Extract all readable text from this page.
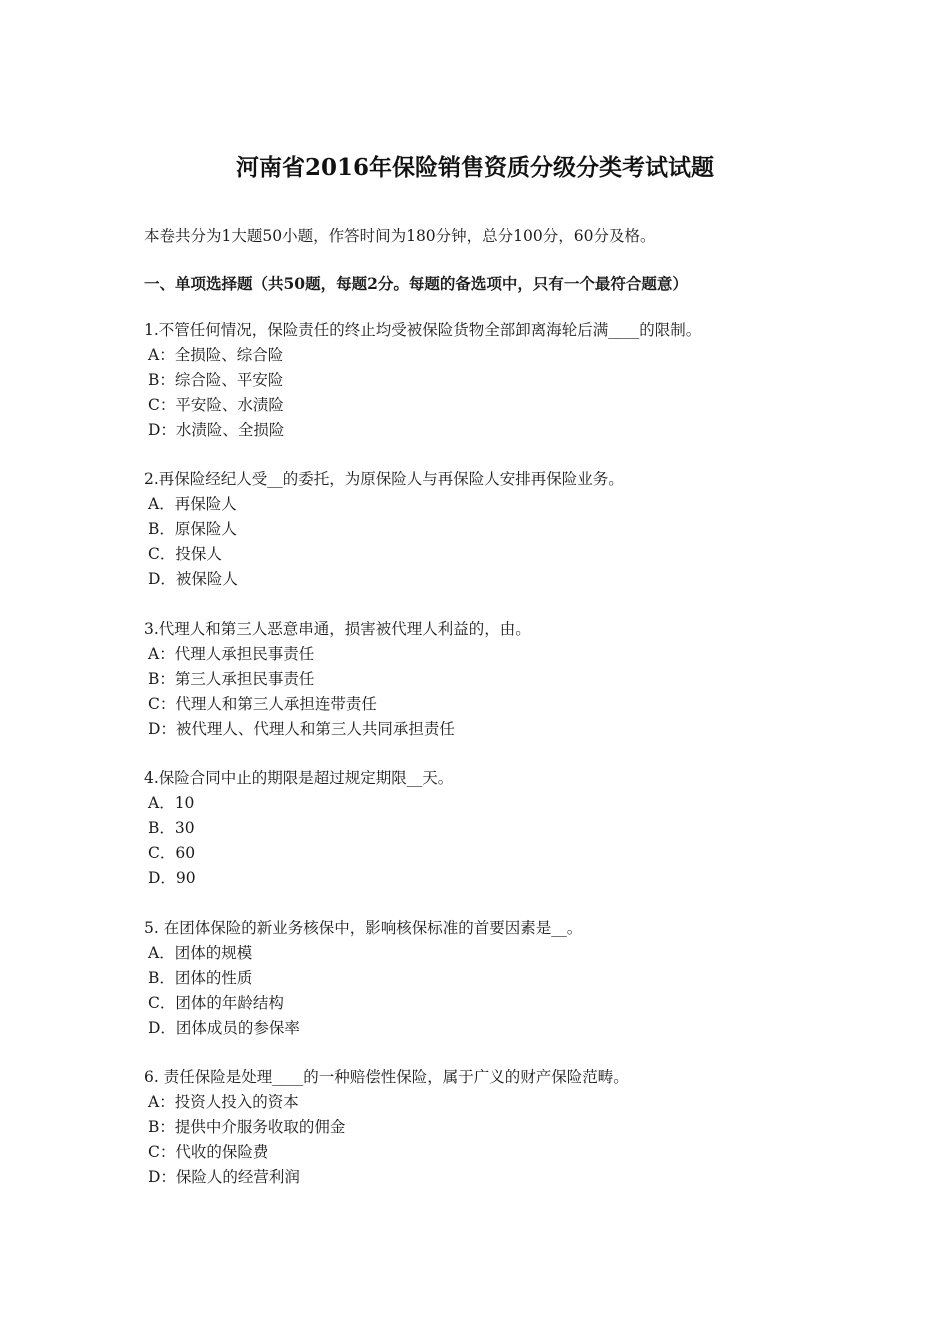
河南省2016年保险销售资质分级分类考试试题

本卷共分为1大题50小题，作答时间为180分钟，总分100分，60分及格。

一、单项选择题（共50题，每题2分。每题的备选项中，只有一个最符合题意）

1.不管任何情况，保险责任的终止均受被保险货物全部卸离海轮后满____的限制。

A：全损险、综合险

B：综合险、平安险

C：平安险、水渍险

D：水渍险、全损险

2.再保险经纪人受__的委托，为原保险人与再保险人安排再保险业务。

A．再保险人

B．原保险人

C．投保人

D．被保险人

3.代理人和第三人恶意串通，损害被代理人利益的，由。

A：代理人承担民事责任

B：第三人承担民事责任

C：代理人和第三人承担连带责任

D：被代理人、代理人和第三人共同承担责任

4.保险合同中止的期限是超过规定期限__天。

A．10

B．30

C．60

D．90

5. 在团体保险的新业务核保中，影响核保标准的首要因素是__。

A．团体的规模

B．团体的性质

C．团体的年龄结构

D．团体成员的参保率

6. 责任保险是处理____的一种赔偿性保险，属于广义的财产保险范畴。

A：投资人投入的资本

B：提供中介服务收取的佣金

C：代收的保险费

D：保险人的经营利润
